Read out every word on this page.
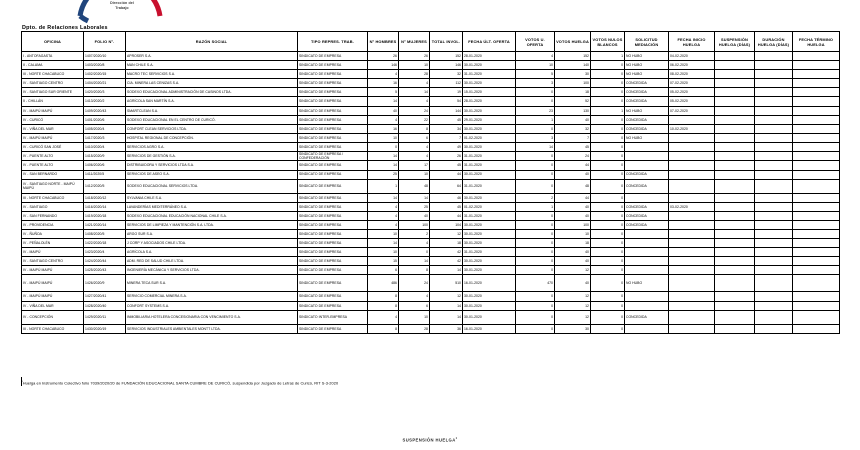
Dirección del
Trabajo
Dpto. de Relaciones Laborales
OFICINA	FOLIO N°.	RAZÓN SOCIAL	TIPO REPRES. TRAB.	N° HOMBRES	N° MUJERES	TOTAL INVOL.	FECHA ÚLT. OFERTA	VOTOS U. OFERTA	VOTOS HUELGA	VOTOS NULOS BLANCOS	SOLICITUD MEDIACIÓN	FECHA INICIO HUELGA	SUSPENSIÓN HUELGA (DÍAS)	DURACIÓN HUELGA (DÍAS)	FECHA TÉRMINO HUELGA
I - ANTOFAGASTA	1407/2020/10	APROSER S.A.	SINDICATO DE EMPRESA	26	26	152	28-01-2020	4	152	1	NO HUBO	04-02-2020			
II - CALAMA	1403/2020/8	MAN CHILE S.A.	SINDICATO DE EMPRESA	146	10	146	30-01-2020	10	140	0	NO HUBO	06-02-2020			
III - NORTE CHACABUCO	1402/2020/15	MACRO TEC SERVICIOS S.A.	SINDICATO DE EMPRESA	4	28	32	31-01-2020	5	30	0	NO HUBO	08-02-2020			
IV - SANTIAGO CENTRO	1404/2020/21	CIA. MINERA LAS CENIZAS S.A.	SINDICATO DE EMPRESA	16	4	112	30-01-2020	3	100	0	CONCEDIDA	07-02-2020			
IV - SANTIAGO SUR ORIENTE	1420/2020/3	SODEXO EDUCACIONAL ADMINISTRACIÓN DE CASINOS LTDA.	SINDICATO DE EMPRESA	5	14	19	15-01-2020	0	18	0	CONCEDIDA	05-02-2020			
II - CHILLÁN	1413/2020/2	AGRÍCOLA SAN MARTÍN S.A.	SINDICATO DE EMPRESA	14	4	54	28-01-2020	0	52	0	CONCEDIDA	05-02-2020			
IV - MAIPÚ MAIPÚ	1409/2020/43	SMARTCLEAN S.A.	SINDICATO DE EMPRESA	40	24	144	30-01-2020	23	130	1	NO HUBO	07-02-2020			
IV - CURICÓ	1401/2020/6	SODEXO EDUCACIONAL EN EL CENTRO DE CURICÓ.	SINDICATO DE EMPRESA	4	22	45	29-01-2020	1	40	0	CONCEDIDA				
IV - VIÑA DEL MAR	1405/2020/4	CONFORT CLEAN SERVICIOS LTDA.	SINDICATO DE EMPRESA	16	8	34	30-01-2020	0	32	0	CONCEDIDA	10-02-2020			
IV - MAIPÚ MAIPÚ	1417/2020/3	HOSPITAL REGIONAL DE CONCEPCIÓN.	SINDICATO DE EMPRESA	10	6	7	01-02-2020	3	7	0	NO HUBO				
IV - CURICÓ SAN JOSÉ	1410/2020/4	SERVICIOS AGRO S.A.	SINDICATO DE EMPRESA	0	4	49	30-01-2020	14	45	0					
IV - PUENTE ALTO	1415/2020/9	SERVICIOS DE GESTIÓN S.A.	SINDICATO DE EMPRESA / CONFEDERACIÓN	14	4	26	31-01-2020	0	24	0					
IV - PUENTE ALTO	1406/2020/6	DISTRIBUIDORA Y SERVICIOS LTDA S.A.	SINDICATO DE EMPRESA	14	17	45	31-01-2020	0	44	0					
IV - SAN BERNARDO	1411/2020/5	SERVICIOS DE ASEO S.A.	SINDICATO DE EMPRESA	25	10	44	30-01-2020	0	40	0	CONCEDIDA				
IV - SANTIAGO NORTE - MAIPÚ MAIPÚ	1412/2020/5	SODEXO EDUCACIONAL SERVICIOS LTDA.	SINDICATO DE EMPRESA	1	48	64	31-01-2020	0	48	0	CONCEDIDA				
III - NORTE CHACABUCO	1418/2020/12	SYLVANIA CHILE S.A.	SINDICATO DE EMPRESA	14	14	46	30-01-2020	2	44	0					
IV - SANTIAGO	1416/2020/14	LAVANDERÍAS MEDITERRÁNEO S.A.	SINDICATO DE EMPRESA	4	25	45	01-02-2020	1	40	0	CONCEDIDA	03-02-2020			
IV - SAN FERNANDO	1419/2020/18	SODEXO EDUCACIONAL EDUCACIÓN NACIONAL CHILE S.A.	SINDICATO DE EMPRESA	4	40	44	31-01-2020	0	40	0	CONCEDIDA				
IV - PROVIDENCIA	1421/2020/14	SERVICIOS DE LIMPIEZA Y MANTENCIÓN S.A. LTDA.	SINDICATO DE EMPRESA	4	100	104	30-01-2020	0	100	0	CONCEDIDA				
IV - ÑUÑOA	1408/2020/5	ARGO SUR S.A.	SINDICATO DE EMPRESA	10	2	12	30-01-2020	0	10	0					
IV - PEÑALOLÉN	1422/2020/18	J CORP Y ASOCIADOS CHILE LTDA.	SINDICATO DE EMPRESA	14	4	18	30-01-2020	0	18	0					
IV - MAIPÚ	1423/2020/4	AGRÍCOLA S.A.	SINDICATO DE EMPRESA	10	0	42	31-01-2020	0	40	0					
IV - SANTIAGO CENTRO	1424/2020/44	ADM. RED DE SALUD CHILE LTDA.	SINDICATO DE EMPRESA	15	14	42	30-01-2020	0	40	0					
IV - MAIPÚ MAIPÚ	1425/2020/43	INGENIERÍA MECÁNICA Y SERVICIOS LTDA.	SINDICATO DE EMPRESA	6	8	14	30-01-2020	0	12	0					
IV - MAIPÚ MAIPÚ	1426/2020/9	MINERA TECA SUR S.A.	SINDICATO DE EMPRESA	486	24	510	16-01-2020	470	40	0	NO HUBO				
IV - MAIPÚ MAIPÚ	1427/2020/41	SERVICIO COMERCIAL MINERA S.A.	SINDICATO DE EMPRESA	8	4	12	30-01-2020	0	12	0					
IV - VIÑA DEL MAR	1428/2020/40	CONFORT SYSTEMS S.A.	SINDICATO DE EMPRESA	8	6	14	30-01-2020	0	12	0					
IV - CONCEPCIÓN	1429/2020/11	INMOBILIARIA HOTELERA CONCESIONARIA CON VENCIMIENTO S.A.	SINDICATO INTER-EMPRESA	4	10	14	30-01-2020	0	12	0	CONCEDIDA				
III - NORTE CHACABUCO	1430/2020/19	SERVICIOS INDUSTRIALES AMBIENTALES MONTT LTDA.	SINDICATO DE EMPRESA	8	28	36	16-01-2020	0	30	0					
$^1$Huelga en Instrumento Colectivo folio 7039/2020/20 de FUNDACIÓN EDUCACIONAL SANTA CUMBRE DE CURICÓ, suspendida por Juzgado de Letras de Curicó, RIT S-3-2020
SUSPENSIÓN HUELGA$^1$
